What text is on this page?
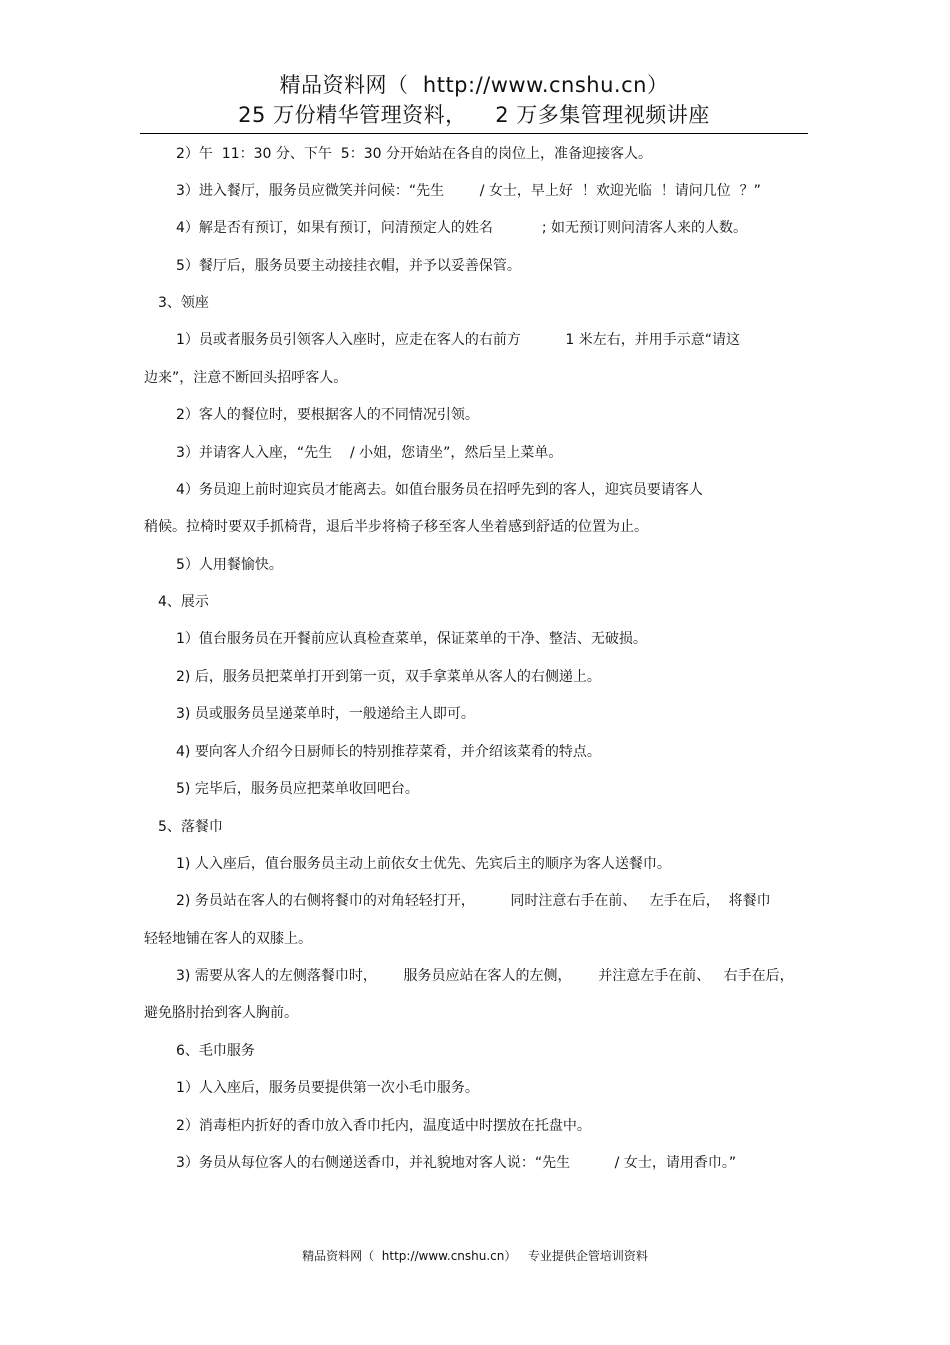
精品资料网（  http://www.cnshu.cn）
25 万份精华管理资料，    2 万多集管理视频讲座
2）午  11：30 分、下午  5：30 分开始站在各自的岗位上，准备迎接客人。
3）进入餐厅，服务员应微笑并问候：“先生        / 女士，早上好  ！欢迎光临  ！请问几位  ？”
4）解是否有预订，如果有预订，问清预定人的姓名           ; 如无预订则问清客人来的人数。
5）餐厅后，服务员要主动接挂衣帽，并予以妥善保管。
3、领座
1）员或者服务员引领客人入座时，应走在客人的右前方          1 米左右，并用手示意“请这
边来”，注意不断回头招呼客人。
2）客人的餐位时，要根据客人的不同情况引领。
3）并请客人入座，“先生    / 小姐，您请坐”，然后呈上菜单。
4）务员迎上前时迎宾员才能离去。如值台服务员在招呼先到的客人，迎宾员要请客人
稍候。拉椅时要双手抓椅背，退后半步将椅子移至客人坐着感到舒适的位置为止。
5）人用餐愉快。
4、展示
1）值台服务员在开餐前应认真检查菜单，保证菜单的干净、整洁、无破损。
2) 后，服务员把菜单打开到第一页，双手拿菜单从客人的右侧递上。
3) 员或服务员呈递菜单时，一般递给主人即可。
4) 要向客人介绍今日厨师长的特别推荐菜肴，并介绍该菜肴的特点。
5) 完毕后，服务员应把菜单收回吧台。
5、落餐巾
1) 人入座后，值台服务员主动上前依女士优先、先宾后主的顺序为客人送餐巾。
2) 务员站在客人的右侧将餐巾的对角轻轻打开，        同时注意右手在前、   左手在后，  将餐巾
轻轻地铺在客人的双膝上。
3) 需要从客人的左侧落餐巾时，      服务员应站在客人的左侧，      并注意左手在前、   右手在后，
避免胳肘抬到客人胸前。
6、毛巾服务
1）人入座后，服务员要提供第一次小毛巾服务。
2）消毒柜内折好的香巾放入香巾托内，温度适中时摆放在托盘中。
3）务员从每位客人的右侧递送香巾，并礼貌地对客人说：“先生          / 女士，请用香巾。”
精品资料网（  http://www.cnshu.cn）   专业提供企管培训资料
